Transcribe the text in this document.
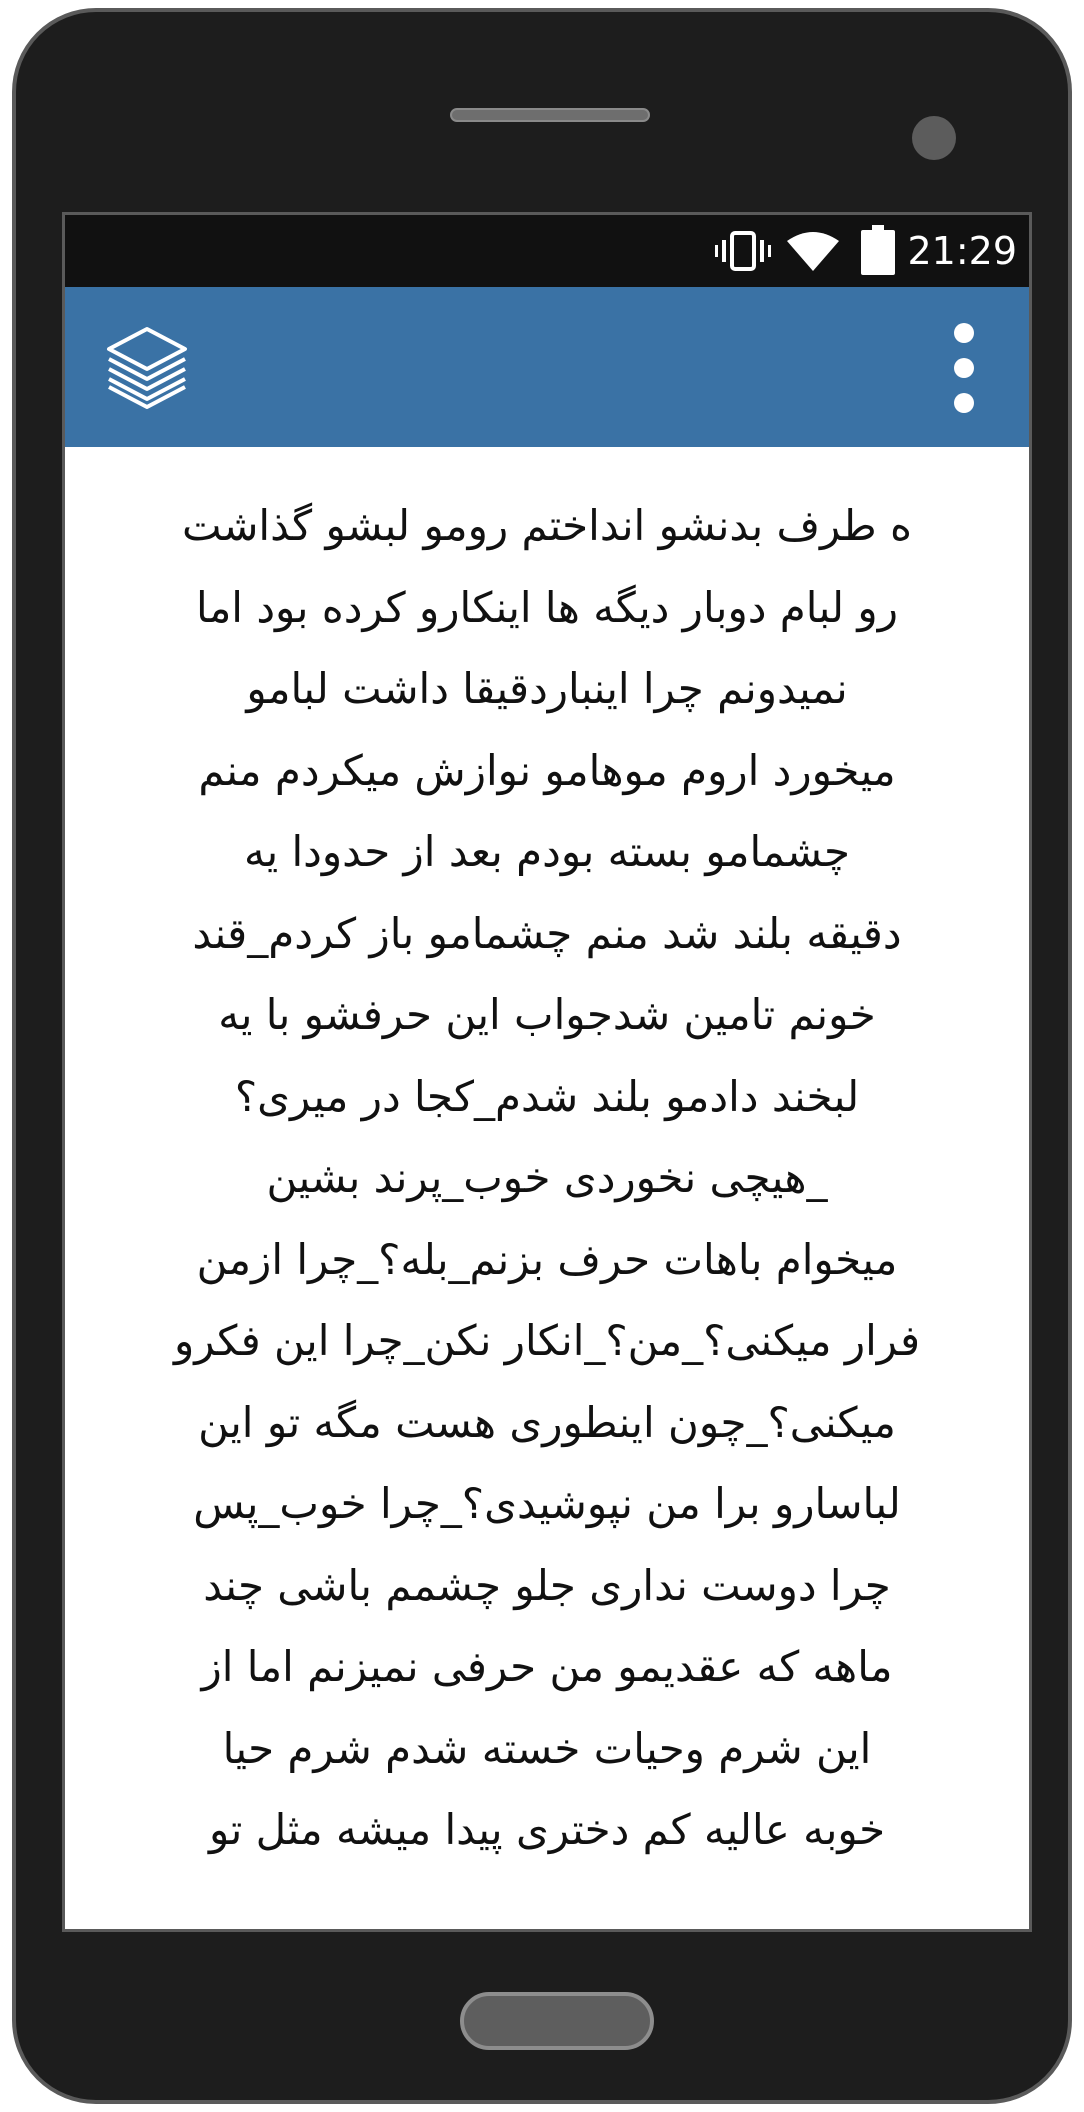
21:29
ه طرف بدنشو انداختم رومو لبشو گذاشت
رو لبام دوبار دیگه ها اینکارو کرده بود اما
نمیدونم چرا اینباردقیقا داشت لبامو
میخورد اروم موهامو نوازش میکردم منم
چشمامو بسته بودم بعد از حدودا یه
دقیقه بلند شد منم چشمامو باز کردم_قند
خونم تامین شدجواب این حرفشو با یه
لبخند دادمو بلند شدم_کجا در میری؟
_هیچی نخوردی خوب_پرند بشین
میخوام باهات حرف بزنم_بله؟_چرا ازمن
فرار میکنی؟_من؟_انکار نکن_چرا این فکرو
میکنی؟_چون اینطوری هست مگه تو این
لباسارو برا من نپوشیدی؟_چرا خوب_پس
چرا دوست نداری جلو چشمم باشی چند
ماهه که عقدیمو من حرفی نمیزنم اما از
این شرم وحیات خسته شدم شرم حیا
خوبه عالیه کم دختری پیدا میشه مثل تو
